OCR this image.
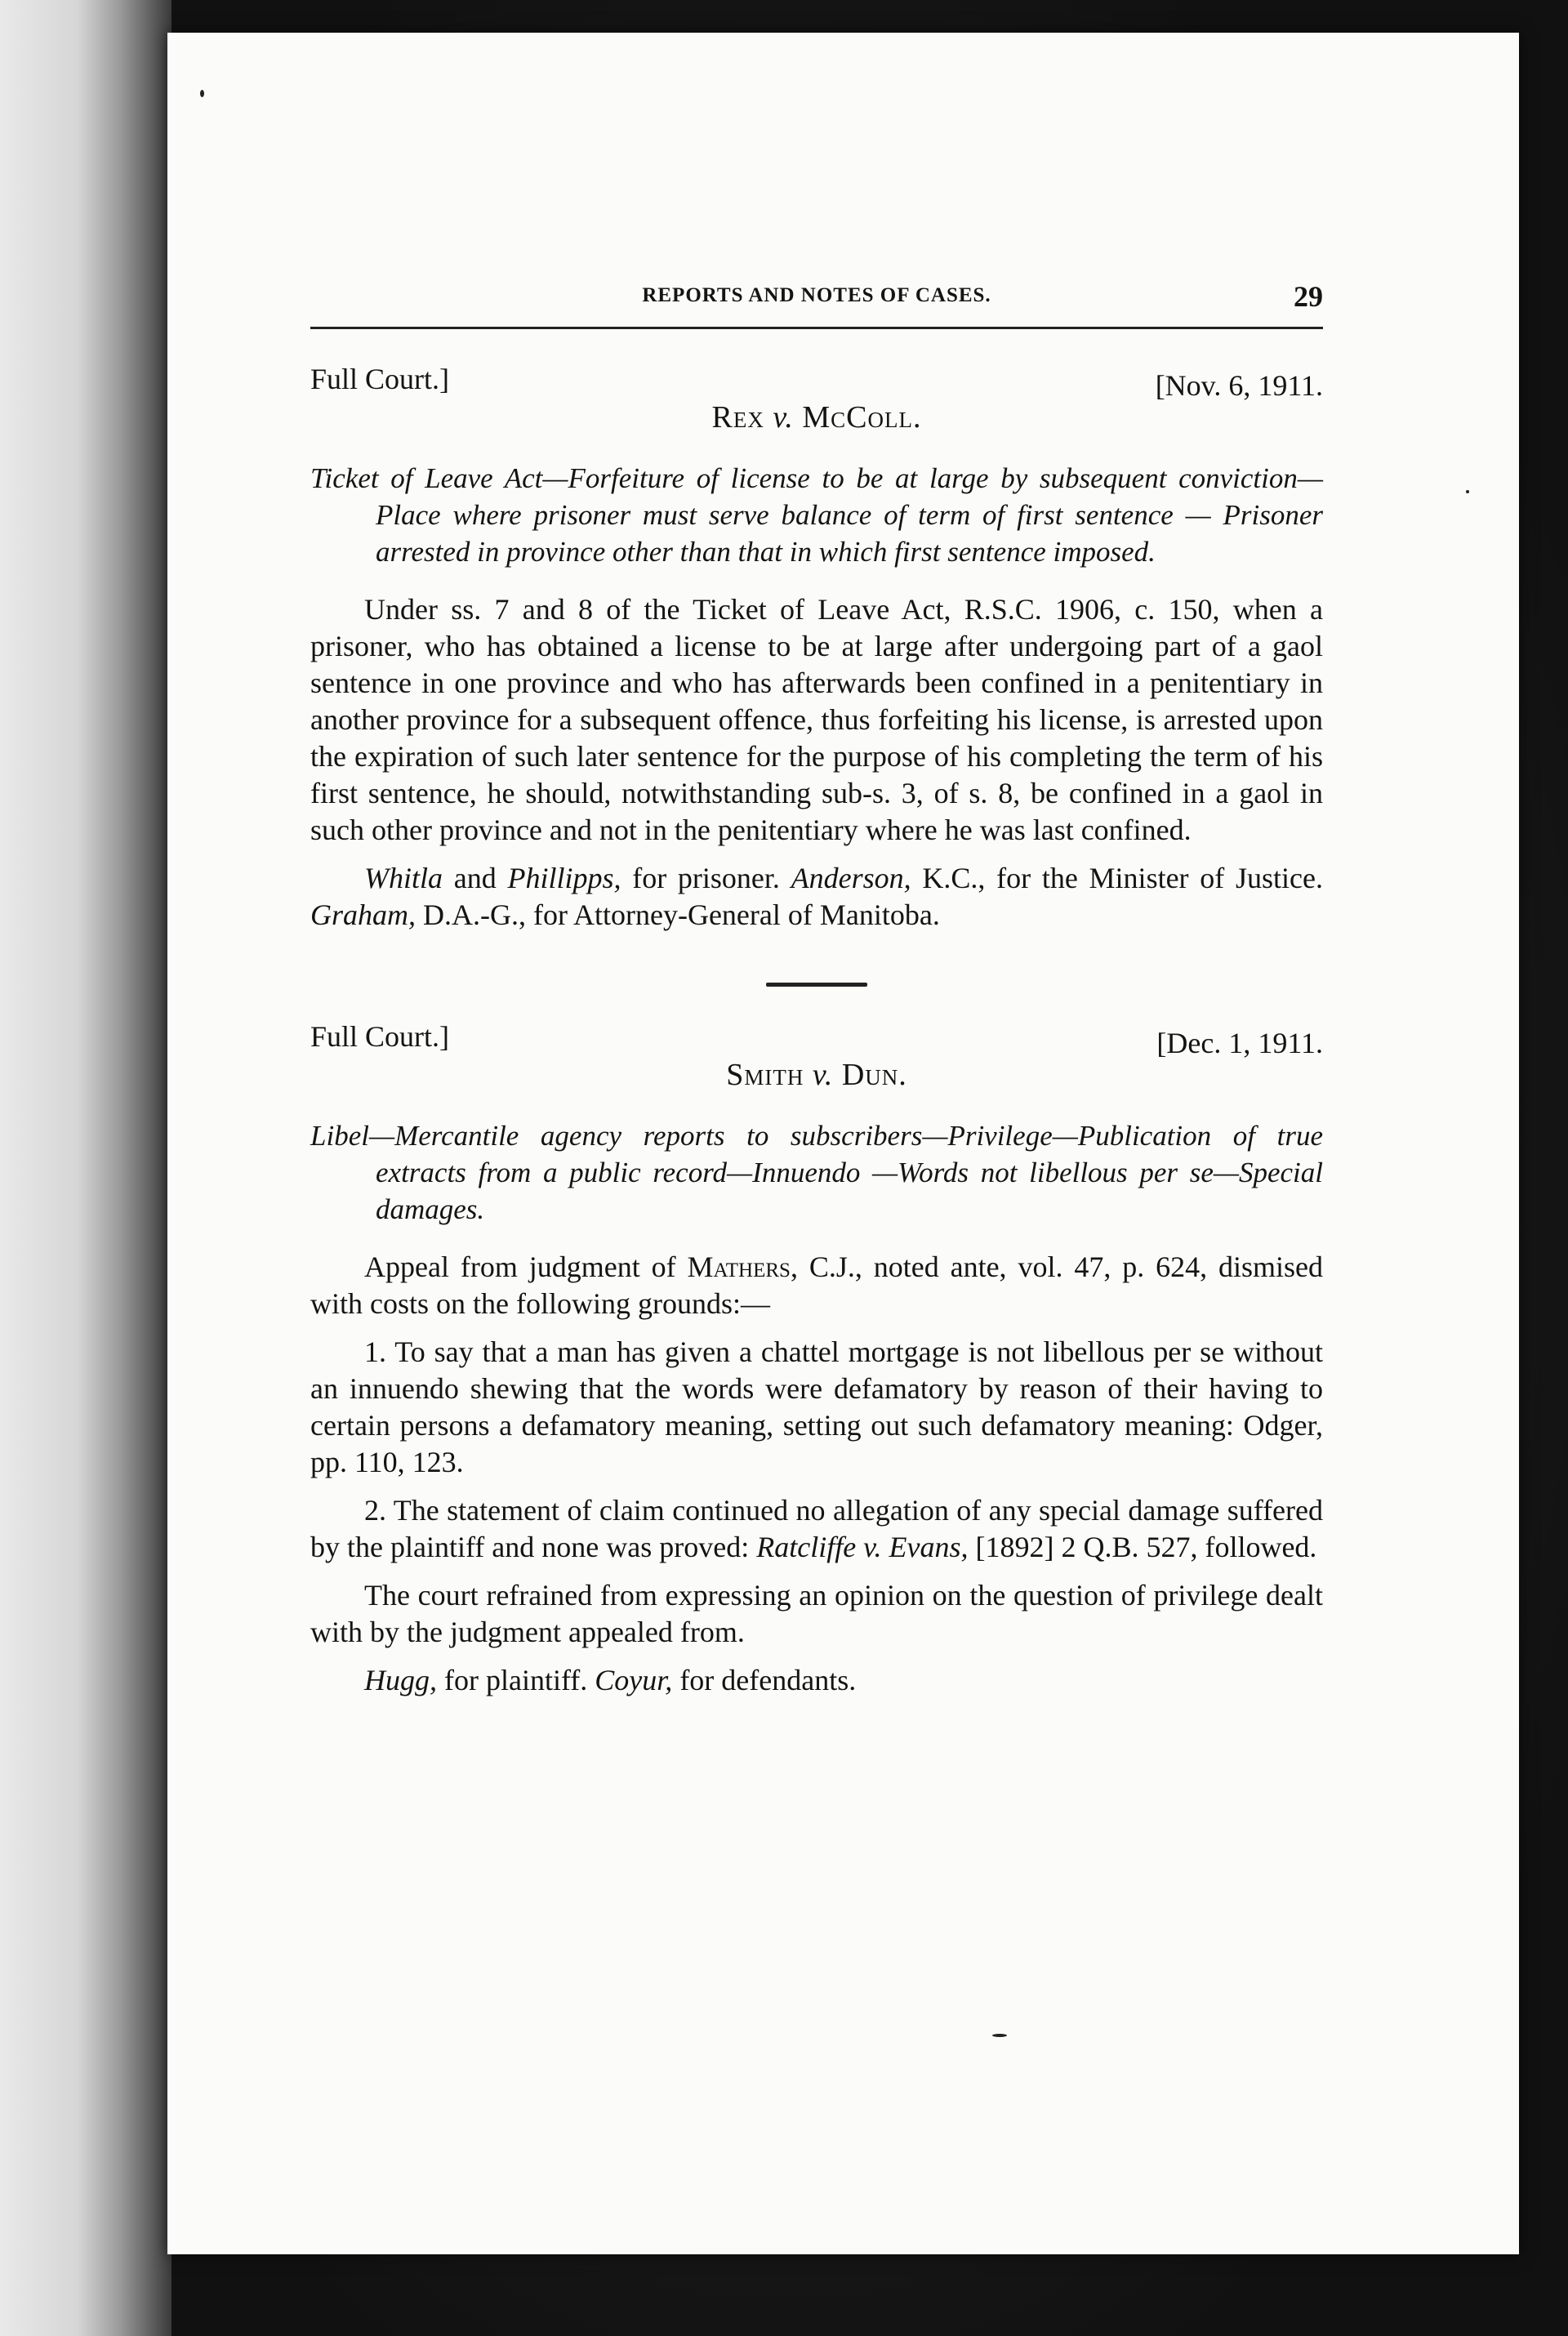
REPORTS AND NOTES OF CASES.	29
Full Court.]	[Nov. 6, 1911.
Rex v. McColl.

Ticket of Leave Act—Forfeiture of license to be at large by subsequent conviction—Place where prisoner must serve balance of term of first sentence — Prisoner arrested in province other than that in which first sentence imposed.

Under ss. 7 and 8 of the Ticket of Leave Act, R.S.C. 1906, c. 150, when a prisoner, who has obtained a license to be at large after undergoing part of a gaol sentence in one province and who has afterwards been confined in a penitentiary in another province for a subsequent offence, thus forfeiting his license, is arrested upon the expiration of such later sentence for the purpose of his completing the term of his first sentence, he should, notwithstanding sub-s. 3, of s. 8, be confined in a gaol in such other province and not in the penitentiary where he was last confined.

Whitla and Phillipps, for prisoner. Anderson, K.C., for the Minister of Justice. Graham, D.A.-G., for Attorney-General of Manitoba.

Full Court.]	[Dec. 1, 1911.
Smith v. Dun.

Libel—Mercantile agency reports to subscribers—Privilege—Publication of true extracts from a public record—Innuendo —Words not libellous per se—Special damages.

Appeal from judgment of Mathers, C.J., noted ante, vol. 47, p. 624, dismised with costs on the following grounds:—

1. To say that a man has given a chattel mortgage is not libellous per se without an innuendo shewing that the words were defamatory by reason of their having to certain persons a defamatory meaning, setting out such defamatory meaning: Odger, pp. 110, 123.

2. The statement of claim continued no allegation of any special damage suffered by the plaintiff and none was proved: Ratcliffe v. Evans, [1892] 2 Q.B. 527, followed.

The court refrained from expressing an opinion on the question of privilege dealt with by the judgment appealed from.

Hugg, for plaintiff. Coyur, for defendants.
